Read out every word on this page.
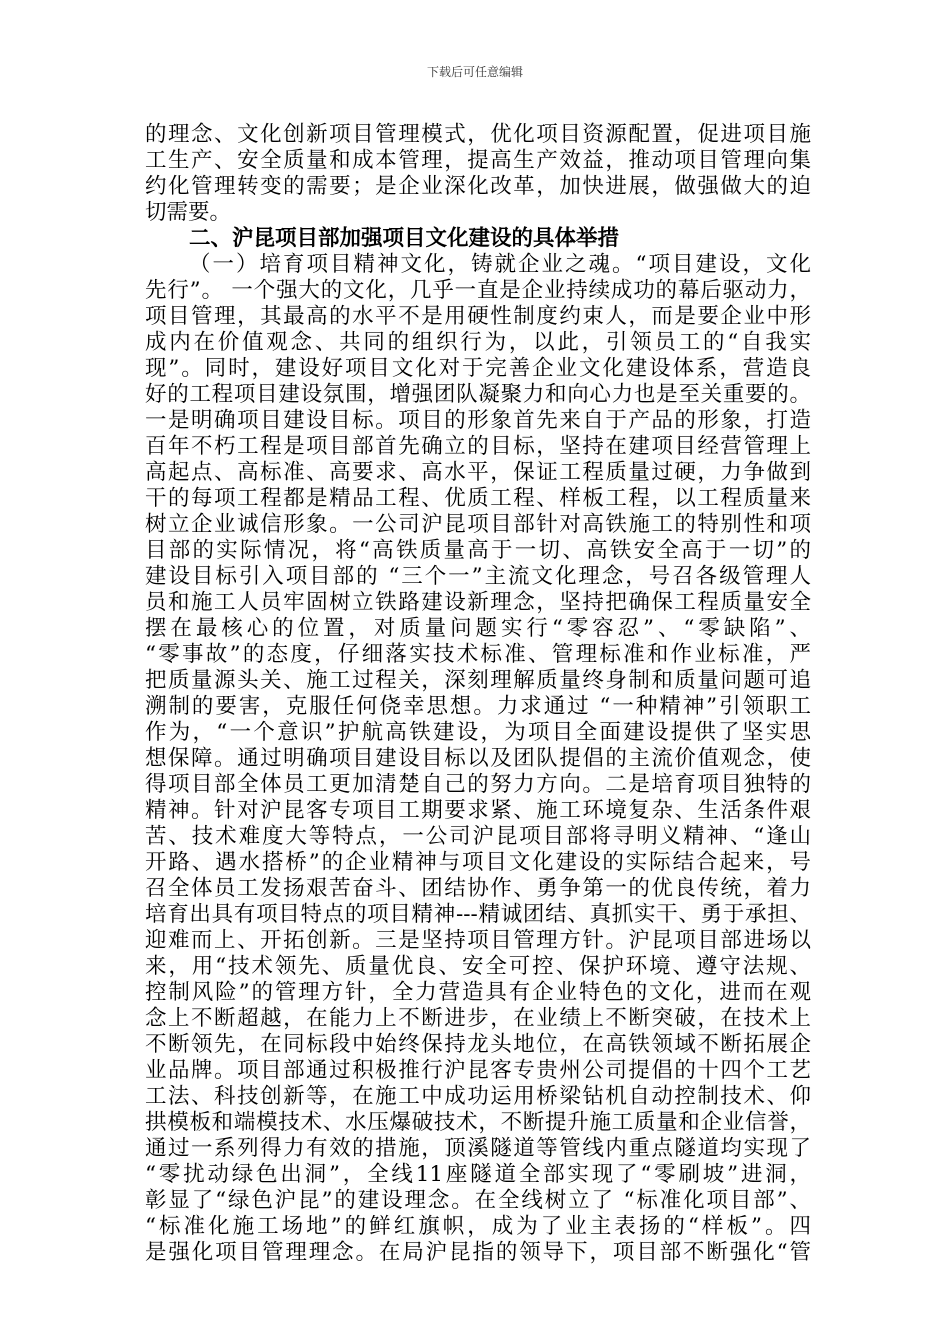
下载后可任意编辑
的理念、文化创新项目管理模式，优化项目资源配置，促进项目施
工生产、安全质量和成本管理，提高生产效益，推动项目管理向集
约化管理转变的需要；是企业深化改革，加快进展，做强做大的迫
切需要。
二、沪昆项目部加强项目文化建设的具体举措
（一）培育项目精神文化，铸就企业之魂。“项目建设，文化
先行”。 一个强大的文化，几乎一直是企业持续成功的幕后驱动力，
项目管理，其最高的水平不是用硬性制度约束人，而是要企业中形
成内在价值观念、共同的组织行为，以此，引领员工的“自我实
现”。同时，建设好项目文化对于完善企业文化建设体系，营造良
好的工程项目建设氛围，增强团队凝聚力和向心力也是至关重要的。
一是明确项目建设目标。项目的形象首先来自于产品的形象，打造
百年不朽工程是项目部首先确立的目标，坚持在建项目经营管理上
高起点、高标准、高要求、高水平，保证工程质量过硬，力争做到
干的每项工程都是精品工程、优质工程、样板工程，以工程质量来
树立企业诚信形象。一公司沪昆项目部针对高铁施工的特别性和项
目部的实际情况，将“高铁质量高于一切、高铁安全高于一切”的
建设目标引入项目部的 “三个一”主流文化理念，号召各级管理人
员和施工人员牢固树立铁路建设新理念，坚持把确保工程质量安全
摆在最核心的位置，对质量问题实行“零容忍”、“零缺陷”、
“零事故”的态度，仔细落实技术标准、管理标准和作业标准，严
把质量源头关、施工过程关，深刻理解质量终身制和质量问题可追
溯制的要害，克服任何侥幸思想。力求通过 “一种精神”引领职工
作为，“一个意识”护航高铁建设，为项目全面建设提供了坚实思
想保障。通过明确项目建设目标以及团队提倡的主流价值观念，使
得项目部全体员工更加清楚自己的努力方向。二是培育项目独特的
精神。针对沪昆客专项目工期要求紧、施工环境复杂、生活条件艰
苦、技术难度大等特点，一公司沪昆项目部将寻明义精神、“逢山
开路、遇水搭桥”的企业精神与项目文化建设的实际结合起来，号
召全体员工发扬艰苦奋斗、团结协作、勇争第一的优良传统，着力
培育出具有项目特点的项目精神---精诚团结、真抓实干、勇于承担、
迎难而上、开拓创新。三是坚持项目管理方针。沪昆项目部进场以
来，用“技术领先、质量优良、安全可控、保护环境、遵守法规、
控制风险”的管理方针，全力营造具有企业特色的文化，进而在观
念上不断超越，在能力上不断进步，在业绩上不断突破，在技术上
不断领先，在同标段中始终保持龙头地位，在高铁领域不断拓展企
业品牌。项目部通过积极推行沪昆客专贵州公司提倡的十四个工艺
工法、科技创新等，在施工中成功运用桥梁钻机自动控制技术、仰
拱模板和端模技术、水压爆破技术，不断提升施工质量和企业信誉，
通过一系列得力有效的措施，顶溪隧道等管线内重点隧道均实现了
“零扰动绿色出洞”，全线11座隧道全部实现了“零刷坡”进洞，
彰显了“绿色沪昆”的建设理念。在全线树立了 “标准化项目部”、
“标准化施工场地”的鲜红旗帜，成为了业主表扬的“样板”。四
是强化项目管理理念。在局沪昆指的领导下，项目部不断强化“管
